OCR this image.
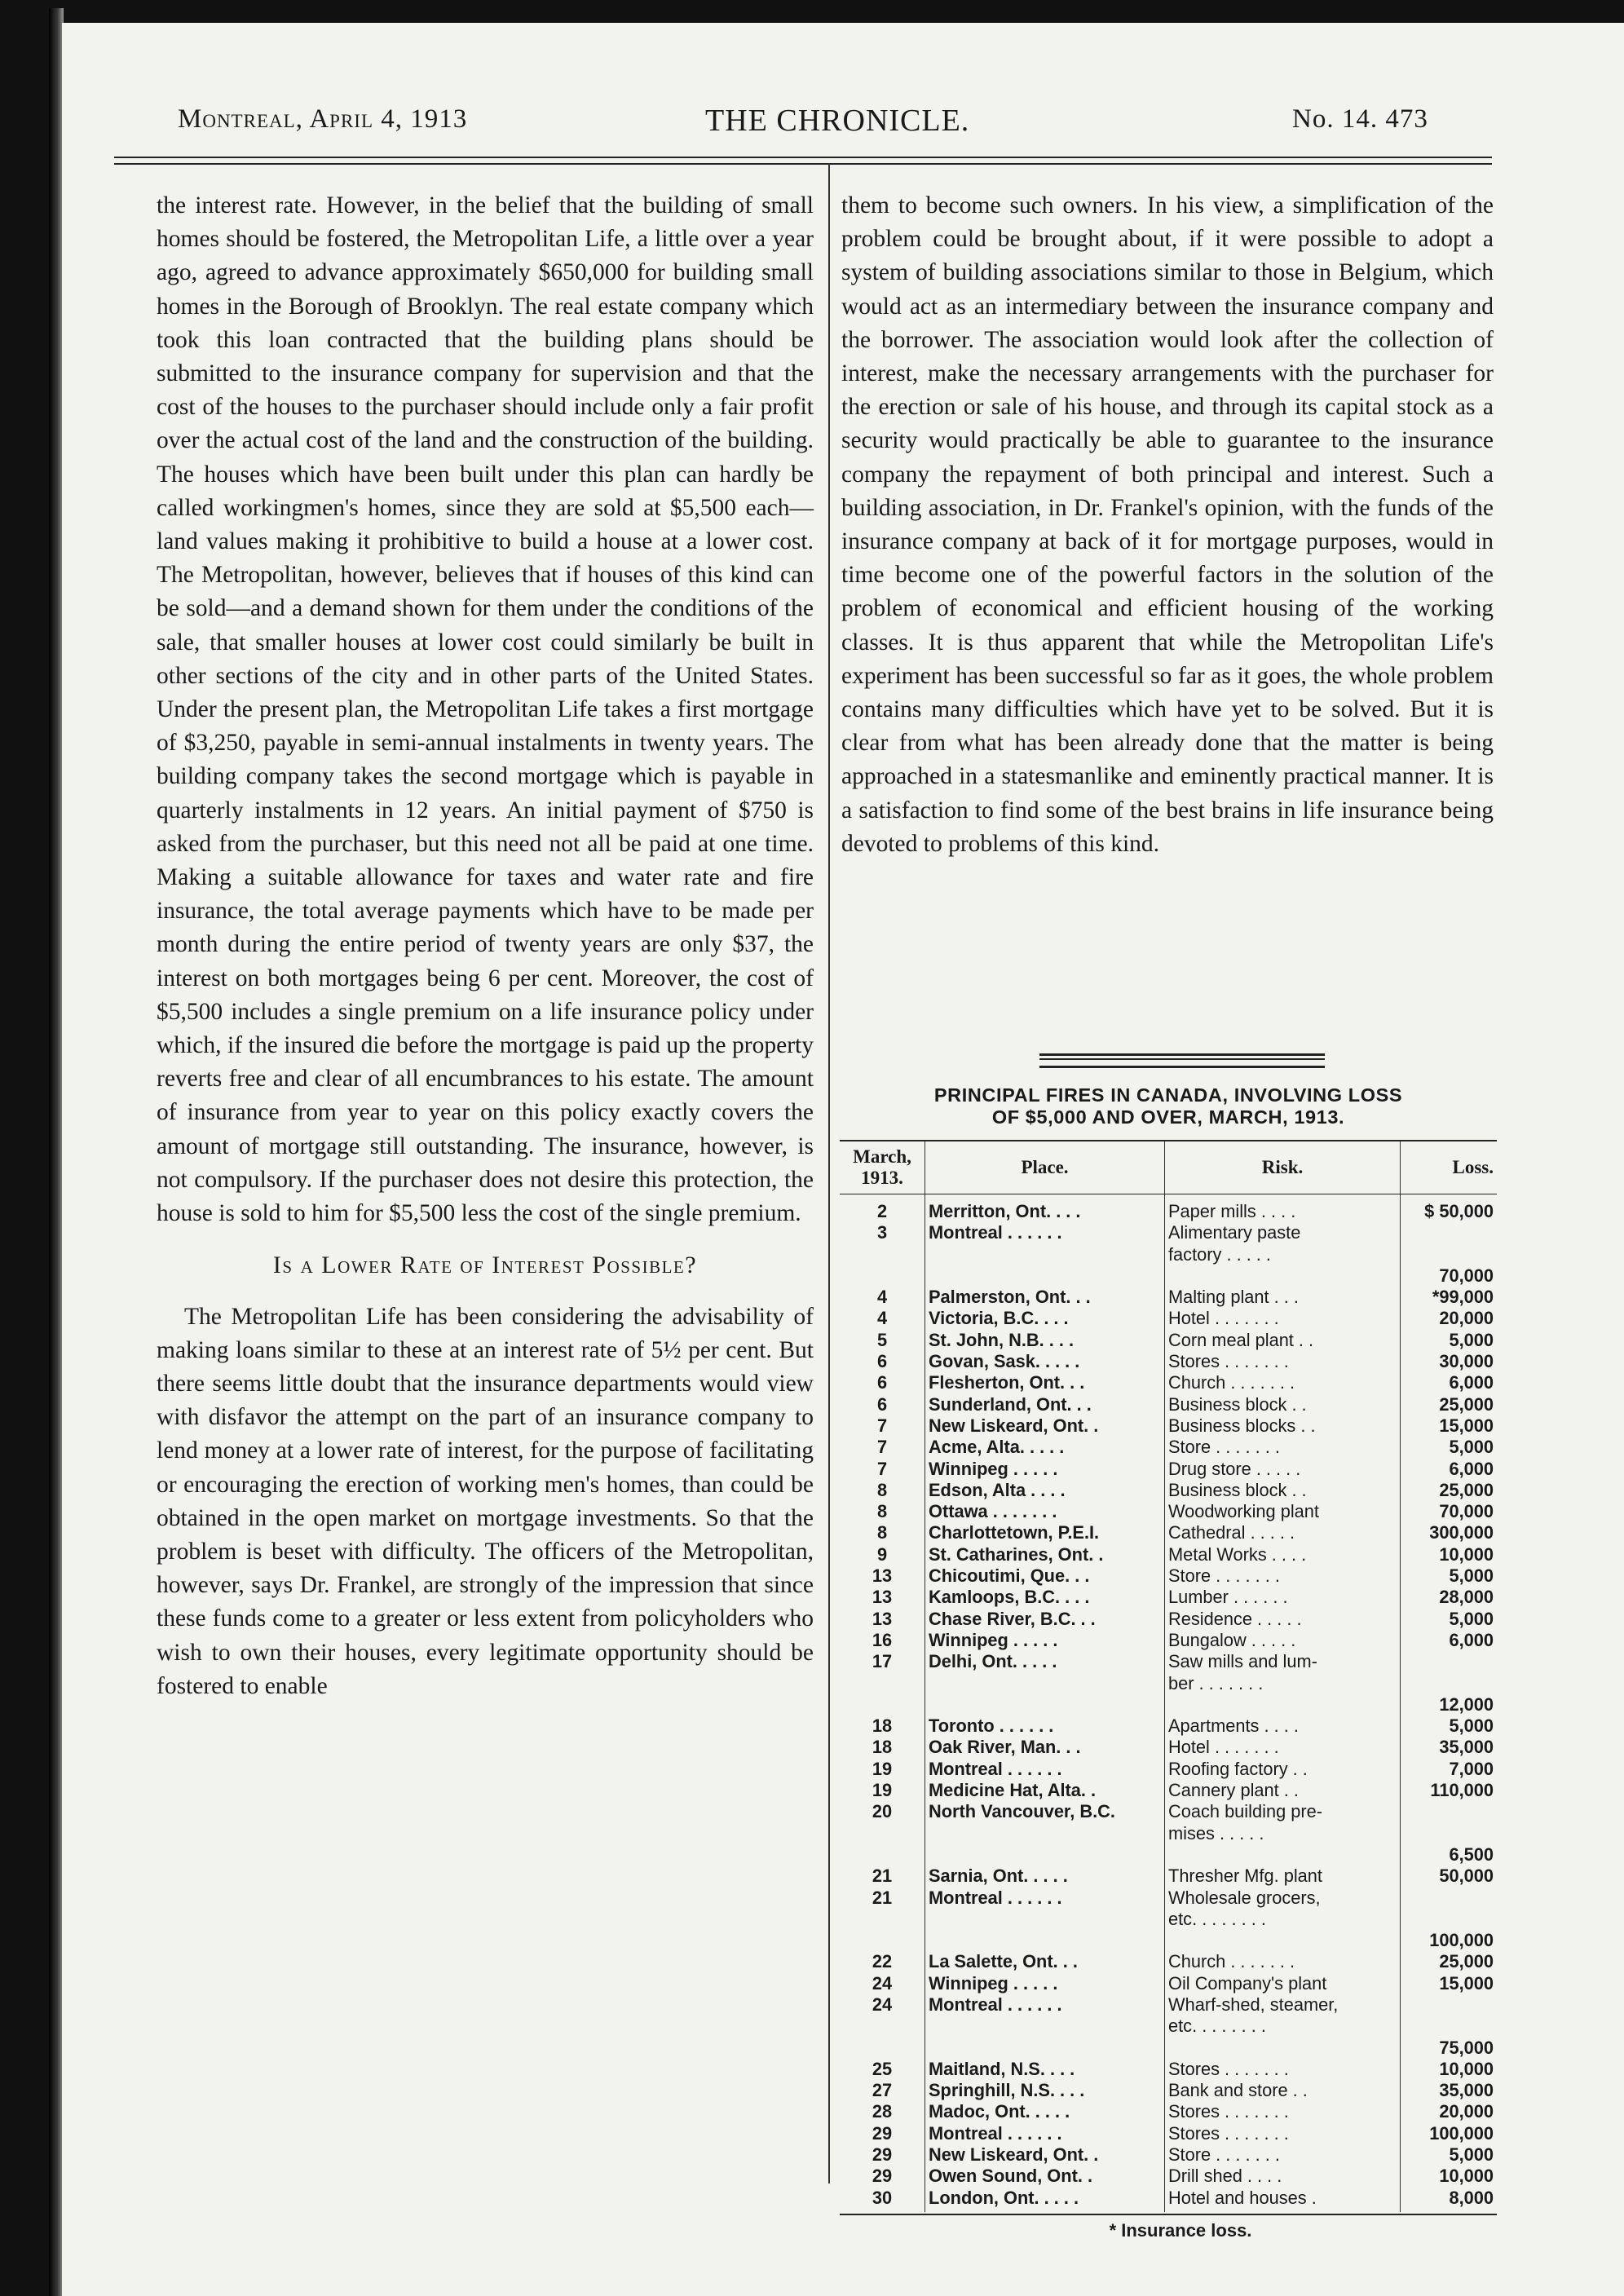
Montreal, April 4, 1913	THE CHRONICLE.	No. 14. 473

the interest rate. However, in the belief that the building of small homes should be fostered, the Metropolitan Life, a little over a year ago, agreed to advance approximately $650,000 for building small homes in the Borough of Brooklyn. The real estate company which took this loan contracted that the building plans should be submitted to the insurance company for supervision and that the cost of the houses to the purchaser should include only a fair profit over the actual cost of the land and the construction of the building. The houses which have been built under this plan can hardly be called workingmen's homes, since they are sold at $5,500 each—land values making it prohibitive to build a house at a lower cost. The Metropolitan, however, believes that if houses of this kind can be sold—and a demand shown for them under the conditions of the sale, that smaller houses at lower cost could similarly be built in other sections of the city and in other parts of the United States. Under the present plan, the Metropolitan Life takes a first mortgage of $3,250, payable in semi-annual instalments in twenty years. The building company takes the second mortgage which is payable in quarterly instalments in 12 years. An initial payment of $750 is asked from the purchaser, but this need not all be paid at one time. Making a suitable allowance for taxes and water rate and fire insurance, the total average payments which have to be made per month during the entire period of twenty years are only $37, the interest on both mortgages being 6 per cent. Moreover, the cost of $5,500 includes a single premium on a life insurance policy under which, if the insured die before the mortgage is paid up the property reverts free and clear of all encumbrances to his estate. The amount of insurance from year to year on this policy exactly covers the amount of mortgage still outstanding. The insurance, however, is not compulsory. If the purchaser does not desire this protection, the house is sold to him for $5,500 less the cost of the single premium.

Is a Lower Rate of Interest Possible?

The Metropolitan Life has been considering the advisability of making loans similar to these at an interest rate of 5½ per cent. But there seems little doubt that the insurance departments would view with disfavor the attempt on the part of an insurance company to lend money at a lower rate of interest, for the purpose of facilitating or encouraging the erection of working men's homes, than could be obtained in the open market on mortgage investments. So that the problem is beset with difficulty. The officers of the Metropolitan, however, says Dr. Frankel, are strongly of the impression that since these funds come to a greater or less extent from policyholders who wish to own their houses, every legitimate opportunity should be fostered to enable

them to become such owners. In his view, a simplification of the problem could be brought about, if it were possible to adopt a system of building associations similar to those in Belgium, which would act as an intermediary between the insurance company and the borrower. The association would look after the collection of interest, make the necessary arrangements with the purchaser for the erection or sale of his house, and through its capital stock as a security would practically be able to guarantee to the insurance company the repayment of both principal and interest. Such a building association, in Dr. Frankel's opinion, with the funds of the insurance company at back of it for mortgage purposes, would in time become one of the powerful factors in the solution of the problem of economical and efficient housing of the working classes. It is thus apparent that while the Metropolitan Life's experiment has been successful so far as it goes, the whole problem contains many difficulties which have yet to be solved. But it is clear from what has been already done that the matter is being approached in a statesmanlike and eminently practical manner. It is a satisfaction to find some of the best brains in life insurance being devoted to problems of this kind.

PRINCIPAL FIRES IN CANADA, INVOLVING LOSS
OF $5,000 AND OVER, MARCH, 1913.
March,
1913.	Place.	Risk.	Loss.
2	Merritton, Ont. . . .	Paper mills . . . .	$ 50,000
3	Montreal . . . . . .	Alimentary paste	
		factory . . . . .	
			70,000
4	Palmerston, Ont. . .	Malting plant . . .	*99,000
4	Victoria, B.C. . . .	Hotel . . . . . . .	20,000
5	St. John, N.B. . . .	Corn meal plant . .	5,000
6	Govan, Sask. . . . .	Stores . . . . . . .	30,000
6	Flesherton, Ont. . .	Church . . . . . . .	6,000
6	Sunderland, Ont. . .	Business block . .	25,000
7	New Liskeard, Ont. .	Business blocks . .	15,000
7	Acme, Alta. . . . .	Store . . . . . . .	5,000
7	Winnipeg . . . . .	Drug store . . . . .	6,000
8	Edson, Alta . . . .	Business block . .	25,000
8	Ottawa . . . . . . .	Woodworking plant	70,000
8	Charlottetown, P.E.I.	Cathedral . . . . .	300,000
9	St. Catharines, Ont. .	Metal Works . . . .	10,000
13	Chicoutimi, Que. . .	Store . . . . . . .	5,000
13	Kamloops, B.C. . . .	Lumber . . . . . .	28,000
13	Chase River, B.C. . .	Residence . . . . .	5,000
16	Winnipeg . . . . .	Bungalow . . . . .	6,000
17	Delhi, Ont. . . . .	Saw mills and lum-	
		ber . . . . . . .	
			12,000
18	Toronto . . . . . .	Apartments . . . .	5,000
18	Oak River, Man. . .	Hotel . . . . . . .	35,000
19	Montreal . . . . . .	Roofing factory . .	7,000
19	Medicine Hat, Alta. .	Cannery plant . .	110,000
20	North Vancouver, B.C.	Coach building pre-	
		mises . . . . .	
			6,500
21	Sarnia, Ont. . . . .	Thresher Mfg. plant	50,000
21	Montreal . . . . . .	Wholesale grocers,	
		etc. . . . . . . .	
			100,000
22	La Salette, Ont. . .	Church . . . . . . .	25,000
24	Winnipeg . . . . .	Oil Company's plant	15,000
24	Montreal . . . . . .	Wharf-shed, steamer,	
		etc. . . . . . . .	
			75,000
25	Maitland, N.S. . . .	Stores . . . . . . .	10,000
27	Springhill, N.S. . . .	Bank and store . .	35,000
28	Madoc, Ont. . . . .	Stores . . . . . . .	20,000
29	Montreal . . . . . .	Stores . . . . . . .	100,000
29	New Liskeard, Ont. .	Store . . . . . . .	5,000
29	Owen Sound, Ont. .	Drill shed . . . .	10,000
30	London, Ont. . . . .	Hotel and houses .	8,000
* Insurance loss.
